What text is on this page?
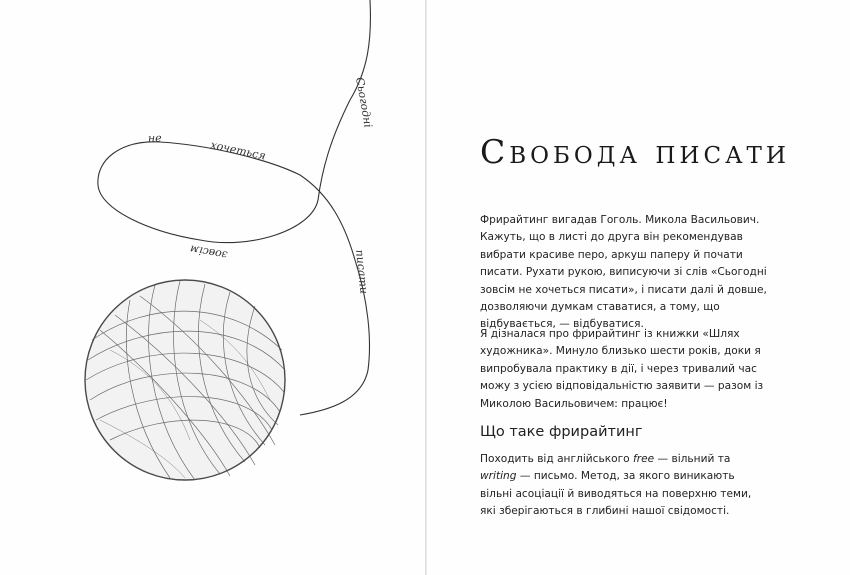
Сьогодні
зовсім
не	хочеться
писати
Свобода писати

Фрирайтинг вигадав Гоголь. Микола Васильович. Кажуть, що в листі до друга він рекомендував вибрати красиве перо, аркуш паперу й почати писати. Рухати рукою, виписуючи зі слів «Сьогодні зовсім не хочеться писати», і писати далі й довше, дозволяючи думкам ставатися, а тому, що відбувається, — відбуватися.

Я дізналася про фрирайтинг із книжки «Шлях художника». Минуло близько шести років, доки я випробувала практику в дії, і через тривалий час можу з усією відповідальністю заявити — разом із Миколою Васильовичем: працює!

Що таке фрирайтинг

Походить від англійського free — вільний та writing — письмо. Метод, за якого виникають вільні асоціації й виводяться на поверхню теми, які зберігаються в глибині нашої свідомості.
